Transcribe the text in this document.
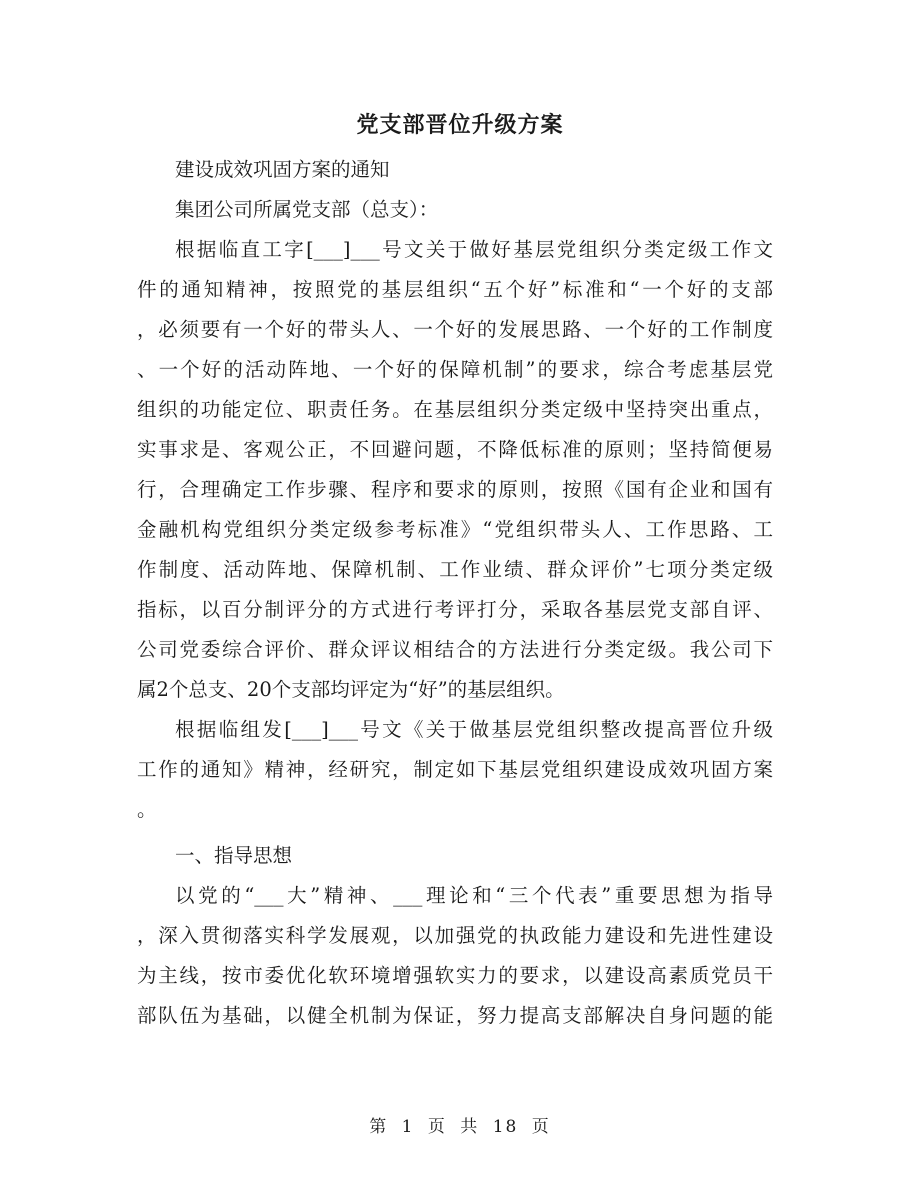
党支部晋位升级方案
建设成效巩固方案的通知
集团公司所属党支部（总支）：
根据临直工字[___]___号文关于做好基层党组织分类定级工作文
件的通知精神，按照党的基层组织“五个好”标准和“一个好的支部
，必须要有一个好的带头人、一个好的发展思路、一个好的工作制度
、一个好的活动阵地、一个好的保障机制”的要求，综合考虑基层党
组织的功能定位、职责任务。在基层组织分类定级中坚持突出重点，
实事求是、客观公正，不回避问题，不降低标准的原则；坚持简便易
行，合理确定工作步骤、程序和要求的原则，按照《国有企业和国有
金融机构党组织分类定级参考标准》“党组织带头人、工作思路、工
作制度、活动阵地、保障机制、工作业绩、群众评价”七项分类定级
指标，以百分制评分的方式进行考评打分，采取各基层党支部自评、
公司党委综合评价、群众评议相结合的方法进行分类定级。我公司下
属2个总支、20个支部均评定为“好”的基层组织。
根据临组发[___]___号文《关于做基层党组织整改提高晋位升级
工作的通知》精神，经研究，制定如下基层党组织建设成效巩固方案
。
一、指导思想
以党的“___大”精神、___理论和“三个代表”重要思想为指导
，深入贯彻落实科学发展观，以加强党的执政能力建设和先进性建设
为主线，按市委优化软环境增强软实力的要求，以建设高素质党员干
部队伍为基础，以健全机制为保证，努力提高支部解决自身问题的能
第 1 页 共 18 页
